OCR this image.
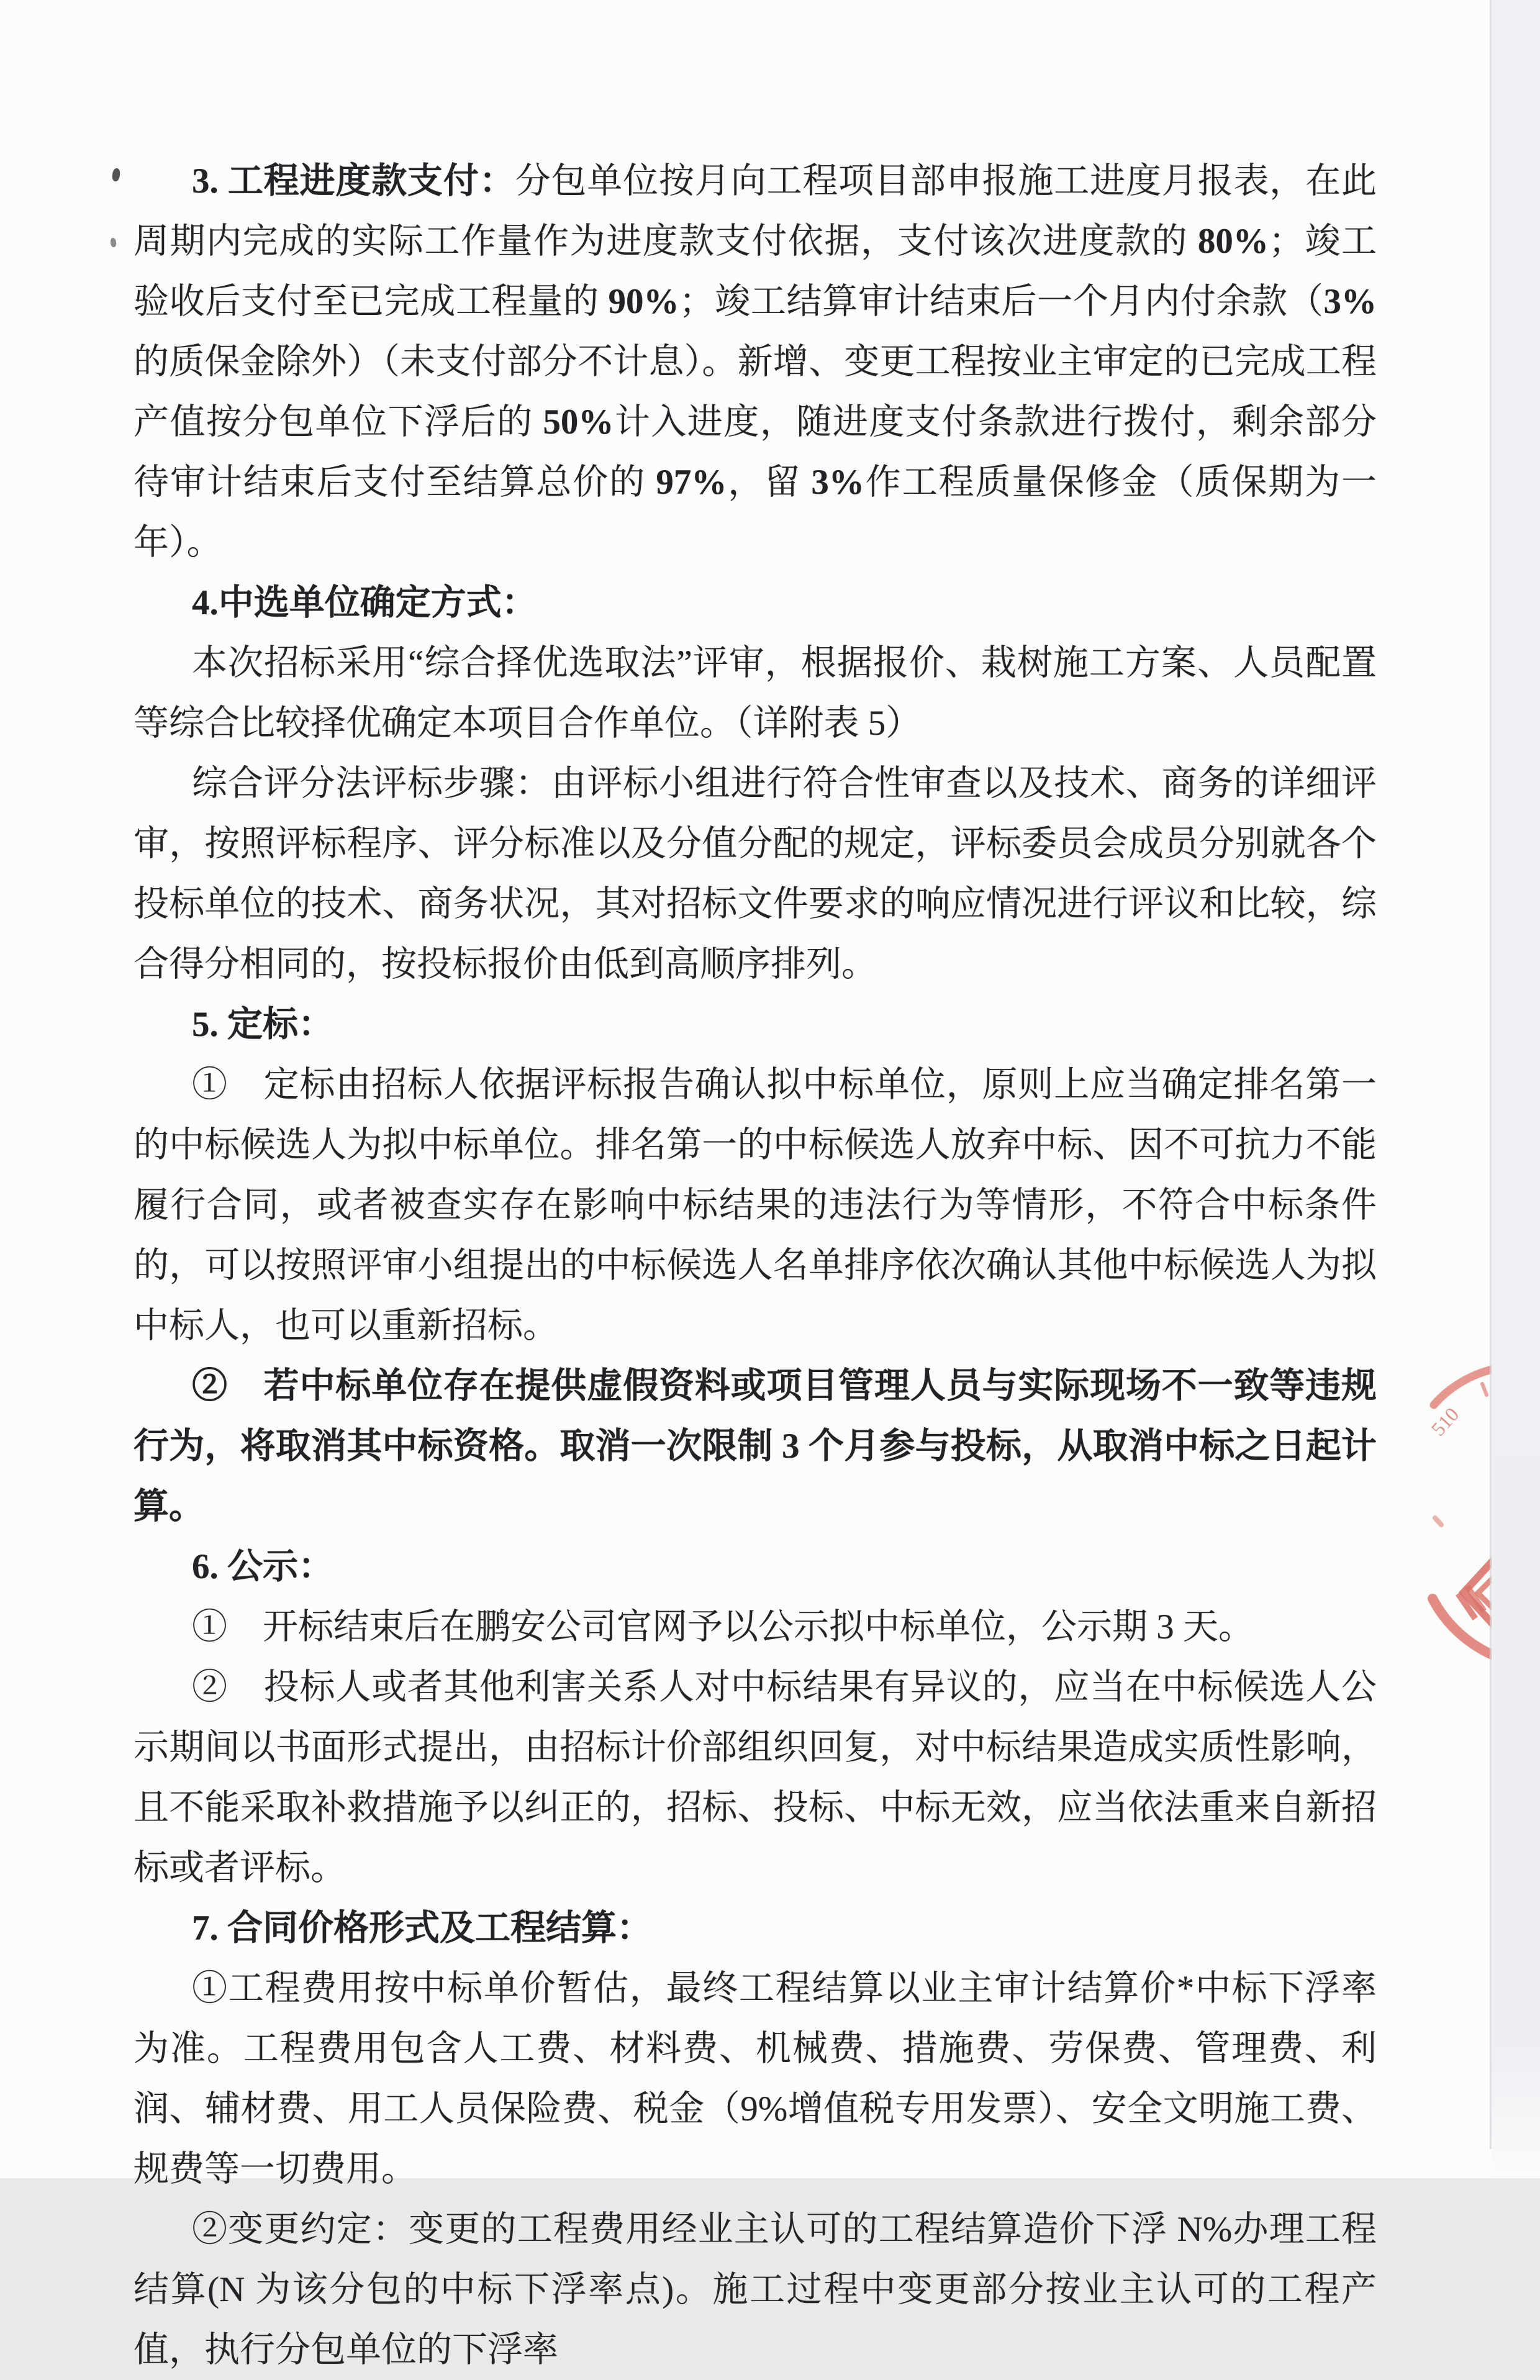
3. 工程进度款支付：分包单位按月向工程项目部申报施工进度月报表，在此周期内完成的实际工作量作为进度款支付依据，支付该次进度款的 80%；竣工验收后支付至已完成工程量的 90%；竣工结算审计结束后一个月内付余款（3%的质保金除外）（未支付部分不计息）。新增、变更工程按业主审定的已完成工程产值按分包单位下浮后的 50%计入进度，随进度支付条款进行拨付，剩余部分待审计结束后支付至结算总价的 97%，留 3%作工程质量保修金（质保期为一年）。

4.中选单位确定方式：

本次招标采用“综合择优选取法”评审，根据报价、栽树施工方案、人员配置等综合比较择优确定本项目合作单位。（详附表 5）

综合评分法评标步骤：由评标小组进行符合性审查以及技术、商务的详细评审，按照评标程序、评分标准以及分值分配的规定，评标委员会成员分别就各个投标单位的技术、商务状况，其对招标文件要求的响应情况进行评议和比较，综合得分相同的，按投标报价由低到高顺序排列。

5. 定标：

①　定标由招标人依据评标报告确认拟中标单位，原则上应当确定排名第一的中标候选人为拟中标单位。排名第一的中标候选人放弃中标、因不可抗力不能履行合同，或者被查实存在影响中标结果的违法行为等情形，不符合中标条件的，可以按照评审小组提出的中标候选人名单排序依次确认其他中标候选人为拟中标人，也可以重新招标。

②　若中标单位存在提供虚假资料或项目管理人员与实际现场不一致等违规行为，将取消其中标资格。取消一次限制 3 个月参与投标，从取消中标之日起计算。

6. 公示：

①　开标结束后在鹏安公司官网予以公示拟中标单位，公示期 3 天。

②　投标人或者其他利害关系人对中标结果有异议的，应当在中标候选人公示期间以书面形式提出，由招标计价部组织回复，对中标结果造成实质性影响，且不能采取补救措施予以纠正的，招标、投标、中标无效，应当依法重来自新招标或者评标。

7. 合同价格形式及工程结算：

①工程费用按中标单价暂估，最终工程结算以业主审计结算价*中标下浮率为准。工程费用包含人工费、材料费、机械费、措施费、劳保费、管理费、利润、辅材费、用工人员保险费、税金（9%增值税专用发票）、安全文明施工费、规费等一切费用。

②变更约定：变更的工程费用经业主认可的工程结算造价下浮 N%办理工程结算(N 为该分包的中标下浮率点)。施工过程中变更部分按业主认可的工程产值，执行分包单位的下浮率

510
